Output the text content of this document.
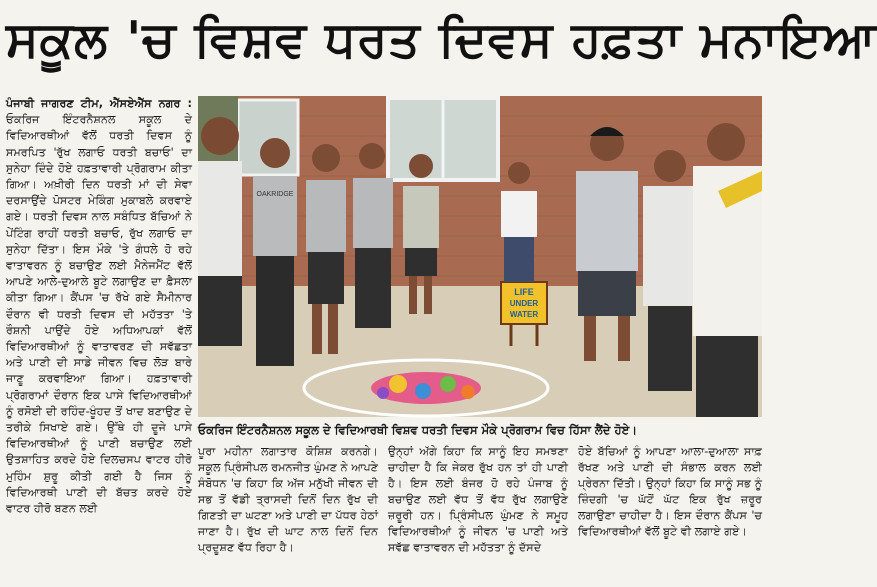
ਸਕੂਲ 'ਚ ਵਿਸ਼ਵ ਧਰਤ ਦਿਵਸ ਹਫ਼ਤਾ ਮਨਾਇਆ

ਪੰਜਾਬੀ ਜਾਗਰਣ ਟੀਮ, ਐੱਸਏਐੱਸ ਨਗਰ : ਓਕਰਿਜ ਇੰਟਰਨੈਸ਼ਨਲ ਸਕੂਲ ਦੇ ਵਿਦਿਆਰਥੀਆਂ ਵੱਲੋਂ ਧਰਤੀ ਦਿਵਸ ਨੂੰ ਸਮਰਪਿਤ 'ਰੁੱਖ ਲਗਾਓ ਧਰਤੀ ਬਚਾਓ' ਦਾ ਸੁਨੇਹਾ ਦਿੰਦੇ ਹੋਏ ਹਫ਼ਤਾਵਾਰੀ ਪ੍ਰੋਗਰਾਮ ਕੀਤਾ ਗਿਆ। ਅਖ਼ੀਰੀ ਦਿਨ ਧਰਤੀ ਮਾਂ ਦੀ ਸੇਵਾ ਦਰਸਾਉਂਦੇ ਪੋਸਟਰ ਮੇਕਿੰਗ ਮੁਕਾਬਲੇ ਕਰਵਾਏ ਗਏ। ਧਰਤੀ ਦਿਵਸ ਨਾਲ ਸਬੰਧਿਤ ਬੱਚਿਆਂ ਨੇ ਪੇਂਟਿੰਗ ਰਾਹੀਂ ਧਰਤੀ ਬਚਾਓ, ਰੁੱਖ ਲਗਾਓ ਦਾ ਸੁਨੇਹਾ ਦਿੱਤਾ। ਇਸ ਮੌਕੇ 'ਤੇ ਗੰਧਲੇ ਹੋ ਰਹੇ ਵਾਤਾਵਰਨ ਨੂੰ ਬਚਾਉਣ ਲਈ ਮੈਨੇਜਮੈਂਟ ਵੱਲੋਂ ਆਪਣੇ ਆਲੇ-ਦੁਆਲੇ ਬੂਟੇ ਲਗਾਉਣ ਦਾ ਫ਼ੈਸਲਾ ਕੀਤਾ ਗਿਆ। ਕੈਂਪਸ 'ਚ ਰੱਖੇ ਗਏ ਸੈਮੀਨਾਰ ਦੌਰਾਨ ਵੀ ਧਰਤੀ ਦਿਵਸ ਦੀ ਮਹੱਤਤਾ 'ਤੇ ਰੌਸ਼ਨੀ ਪਾਉਂਦੇ ਹੋਏ ਅਧਿਆਪਕਾਂ ਵੱਲੋਂ ਵਿਦਿਆਰਥੀਆਂ ਨੂੰ ਵਾਤਾਵਰਣ ਦੀ ਸਵੱਛਤਾ ਅਤੇ ਪਾਣੀ ਦੀ ਸਾਡੇ ਜੀਵਨ ਵਿਚ ਲੋੜ ਬਾਰੇ ਜਾਣੂ ਕਰਵਾਇਆ ਗਿਆ। ਹਫ਼ਤਾਵਾਰੀ ਪ੍ਰੋਗਰਾਮਾਂ ਦੌਰਾਨ ਇਕ ਪਾਸੇ ਵਿਦਿਆਰਥੀਆਂ ਨੂੰ ਰਸੋਈ ਦੀ ਰਹਿੰਦ-ਖੂੰਹਦ ਤੋਂ ਖਾਦ ਬਣਾਉਣ ਦੇ ਤਰੀਕੇ ਸਿਖਾਏ ਗਏ। ਉੱਥੇ ਹੀ ਦੂਜੇ ਪਾਸੇ ਵਿਦਿਆਰਥੀਆਂ ਨੂੰ ਪਾਣੀ ਬਚਾਉਣ ਲਈ ਉਤਸ਼ਾਹਿਤ ਕਰਦੇ ਹੋਏ ਦਿਲਚਸਪ ਵਾਟਰ ਹੀਰੋ ਮੁਹਿੰਮ ਸ਼ੁਰੂ ਕੀਤੀ ਗਈ ਹੈ ਜਿਸ ਨੂੰ ਵਿਦਿਆਰਥੀ ਪਾਣੀ ਦੀ ਬੱਚਤ ਕਰਦੇ ਹੋਏ ਵਾਟਰ ਹੀਰੋ ਬਣਨ ਲਈ

LIFE
UNDER
WATER
OAKRIDGE
ਓਕਰਿਜ ਇੰਟਰਨੈਸ਼ਨਲ ਸਕੂਲ ਦੇ ਵਿਦਿਆਰਥੀ ਵਿਸ਼ਵ ਧਰਤੀ ਦਿਵਸ ਮੌਕੇ ਪ੍ਰੋਗਰਾਮ ਵਿਚ ਹਿੱਸਾ ਲੈਂਦੇ ਹੋਏ।

ਪੂਰਾ ਮਹੀਨਾ ਲਗਾਤਾਰ ਕੋਸ਼ਿਸ਼ ਕਰਨਗੇ। ਸਕੂਲ ਪ੍ਰਿੰਸੀਪਲ ਰਮਨਜੀਤ ਘੁੰਮਣ ਨੇ ਆਪਣੇ ਸੰਬੋਧਨ 'ਚ ਕਿਹਾ ਕਿ ਅੱਜ ਮਨੁੱਖੀ ਜੀਵਨ ਦੀ ਸਭ ਤੋਂ ਵੱਡੀ ਤ੍ਰਾਸਦੀ ਦਿਨੋਂ ਦਿਨ ਰੁੱਖ ਦੀ ਗਿਣਤੀ ਦਾ ਘਟਣਾ ਅਤੇ ਪਾਣੀ ਦਾ ਪੱਧਰ ਹੇਠਾਂ ਜਾਣਾ ਹੈ। ਰੁੱਖ ਦੀ ਘਾਟ ਨਾਲ ਦਿਨੋਂ ਦਿਨ ਪ੍ਰਦੂਸ਼ਣ ਵੱਧ ਰਿਹਾ ਹੈ।

ਉਨ੍ਹਾਂ ਅੱਗੇ ਕਿਹਾ ਕਿ ਸਾਨੂੰ ਇਹ ਸਮਝਣਾ ਚਾਹੀਦਾ ਹੈ ਕਿ ਜੇਕਰ ਰੁੱਖ ਹਨ ਤਾਂ ਹੀ ਪਾਣੀ ਹੈ। ਇਸ ਲਈ ਬੰਜਰ ਹੋ ਰਹੇ ਪੰਜਾਬ ਨੂੰ ਬਚਾਉਣ ਲਈ ਵੱਧ ਤੋਂ ਵੱਧ ਰੁੱਖ ਲਗਾਉਣੇ ਜ਼ਰੂਰੀ ਹਨ। ਪ੍ਰਿੰਸੀਪਲ ਘੁੰਮਣ ਨੇ ਸਮੂਹ ਵਿਦਿਆਰਥੀਆਂ ਨੂੰ ਜੀਵਨ 'ਚ ਪਾਣੀ ਅਤੇ ਸਵੱਛ ਵਾਤਾਵਰਨ ਦੀ ਮਹੱਤਤਾ ਨੂੰ ਦੱਸਦੇ

ਹੋਏ ਬੱਚਿਆਂ ਨੂੰ ਆਪਣਾ ਆਲਾ-ਦੁਆਲਾ ਸਾਫ਼ ਰੱਖਣ ਅਤੇ ਪਾਣੀ ਦੀ ਸੰਭਾਲ ਕਰਨ ਲਈ ਪ੍ਰੇਰਨਾ ਦਿੱਤੀ। ਉਨ੍ਹਾਂ ਕਿਹਾ ਕਿ ਸਾਨੂੰ ਸਭ ਨੂੰ ਜ਼ਿੰਦਗੀ 'ਚ ਘੱਟੋਂ ਘੱਟ ਇਕ ਰੁੱਖ ਜ਼ਰੂਰ ਲਗਾਉਣਾ ਚਾਹੀਦਾ ਹੈ। ਇਸ ਦੌਰਾਨ ਕੈਂਪਸ 'ਚ ਵਿਦਿਆਰਥੀਆਂ ਵੱਲੋਂ ਬੂਟੇ ਵੀ ਲਗਾਏ ਗਏ।
